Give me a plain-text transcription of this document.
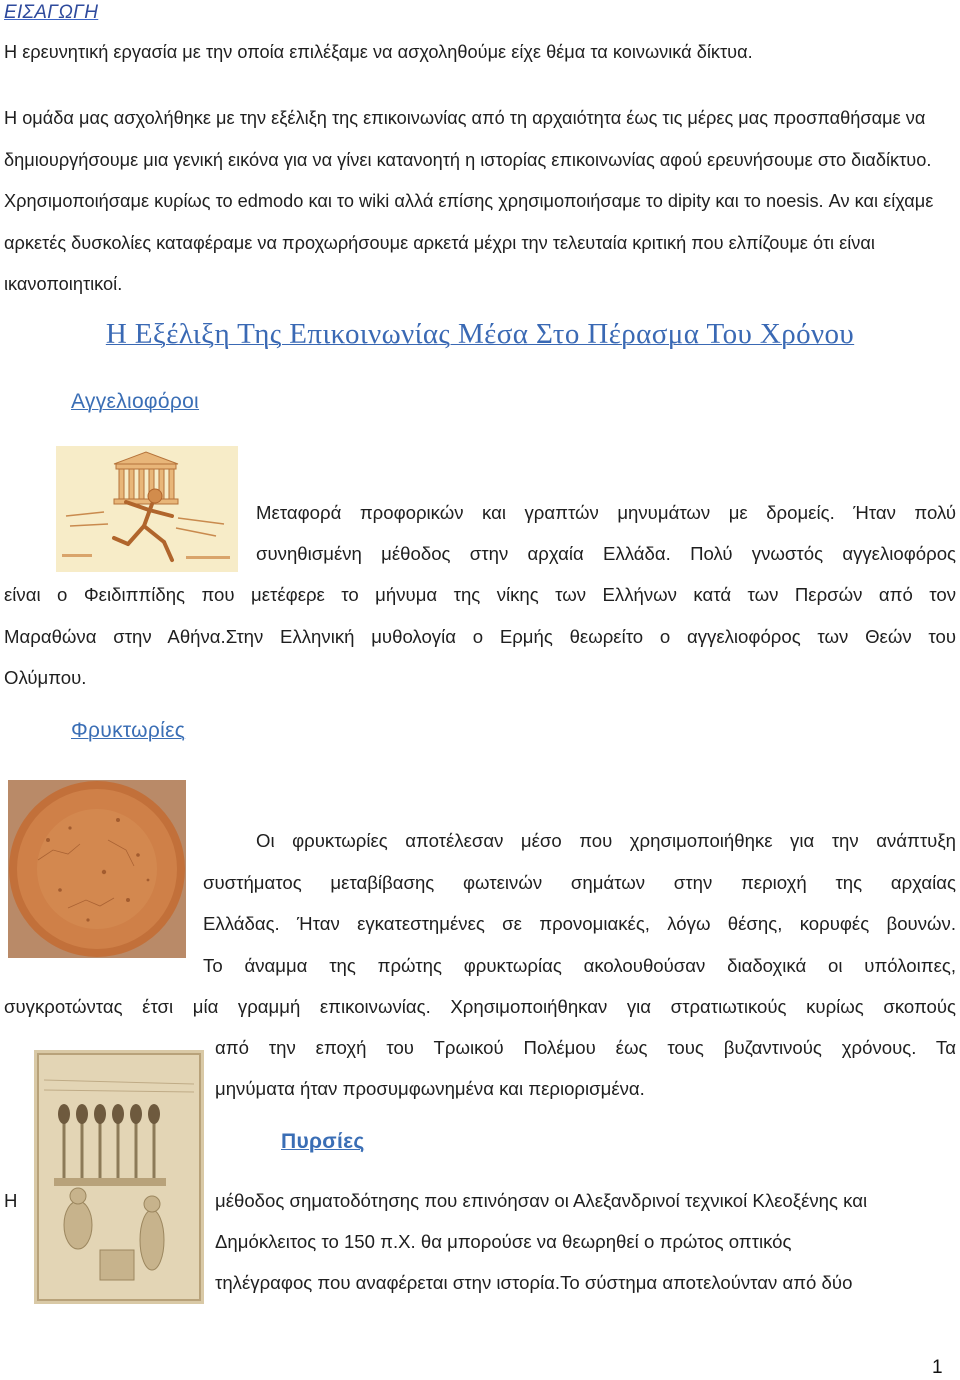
ΕΙΣΑΓΩΓΗ
Η ερευνητική εργασία με την οποία επιλέξαμε να ασχοληθούμε είχε θέμα τα κοινωνικά δίκτυα.
Η ομάδα μας ασχολήθηκε με την εξέλιξη της επικοινωνίας από τη αρχαιότητα έως τις μέρες μας προσπαθήσαμε να δημιουργήσουμε μια γενική εικόνα για να γίνει κατανοητή η ιστορίας επικοινωνίας αφού ερευνήσουμε στο διαδίκτυο. Χρησιμοποιήσαμε κυρίως το edmodo και το wiki αλλά επίσης χρησιμοποιήσαμε το dipity και το noesis. Αν και είχαμε αρκετές δυσκολίες καταφέραμε να προχωρήσουμε αρκετά μέχρι την τελευταία κριτική που ελπίζουμε ότι είναι ικανοποιητικοί.
Η Εξέλιξη Της Επικοινωνίας Μέσα Στο Πέρασμα Του Χρόνου
Αγγελιοφόροι
Μεταφορά προφορικών και γραπτών μηνυμάτων με δρομείς. Ήταν πολύ
συνηθισμένη μέθοδος στην αρχαία Ελλάδα. Πολύ γνωστός αγγελιοφόρος
είναι ο Φειδιππίδης που μετέφερε το μήνυμα της νίκης των Ελλήνων κατά των Περσών από τον
Μαραθώνα στην Αθήνα.Στην Ελληνική μυθολογία ο Ερμής θεωρείτο ο αγγελιοφόρος των Θεών του
Ολύμπου.
Φρυκτωρίες
Οι φρυκτωρίες αποτέλεσαν μέσο που χρησιμοποιήθηκε για την ανάπτυξη
συστήματος μεταβίβασης φωτεινών σημάτων στην περιοχή της αρχαίας
Ελλάδας. Ήταν εγκατεστημένες σε προνομιακές, λόγω θέσης, κορυφές βουνών.
Το άναμμα της πρώτης φρυκτωρίας ακολουθούσαν διαδοχικά οι υπόλοιπες,
συγκροτώντας έτσι μία γραμμή επικοινωνίας. Χρησιμοποιήθηκαν για στρατιωτικούς κυρίως σκοπούς
από την εποχή του Τρωικού Πολέμου έως τους βυζαντινούς χρόνους. Τα
μηνύματα ήταν προσυμφωνημένα και περιορισμένα.
Πυρσίες
Η	μέθοδος σηματοδότησης που επινόησαν οι Αλεξανδρινοί τεχνικοί Κλεοξένης και
Δημόκλειτος το 150 π.Χ. θα μπορούσε να θεωρηθεί ο πρώτος οπτικός
τηλέγραφος που αναφέρεται στην ιστορία.Το σύστημα αποτελούνταν από δύο
1
